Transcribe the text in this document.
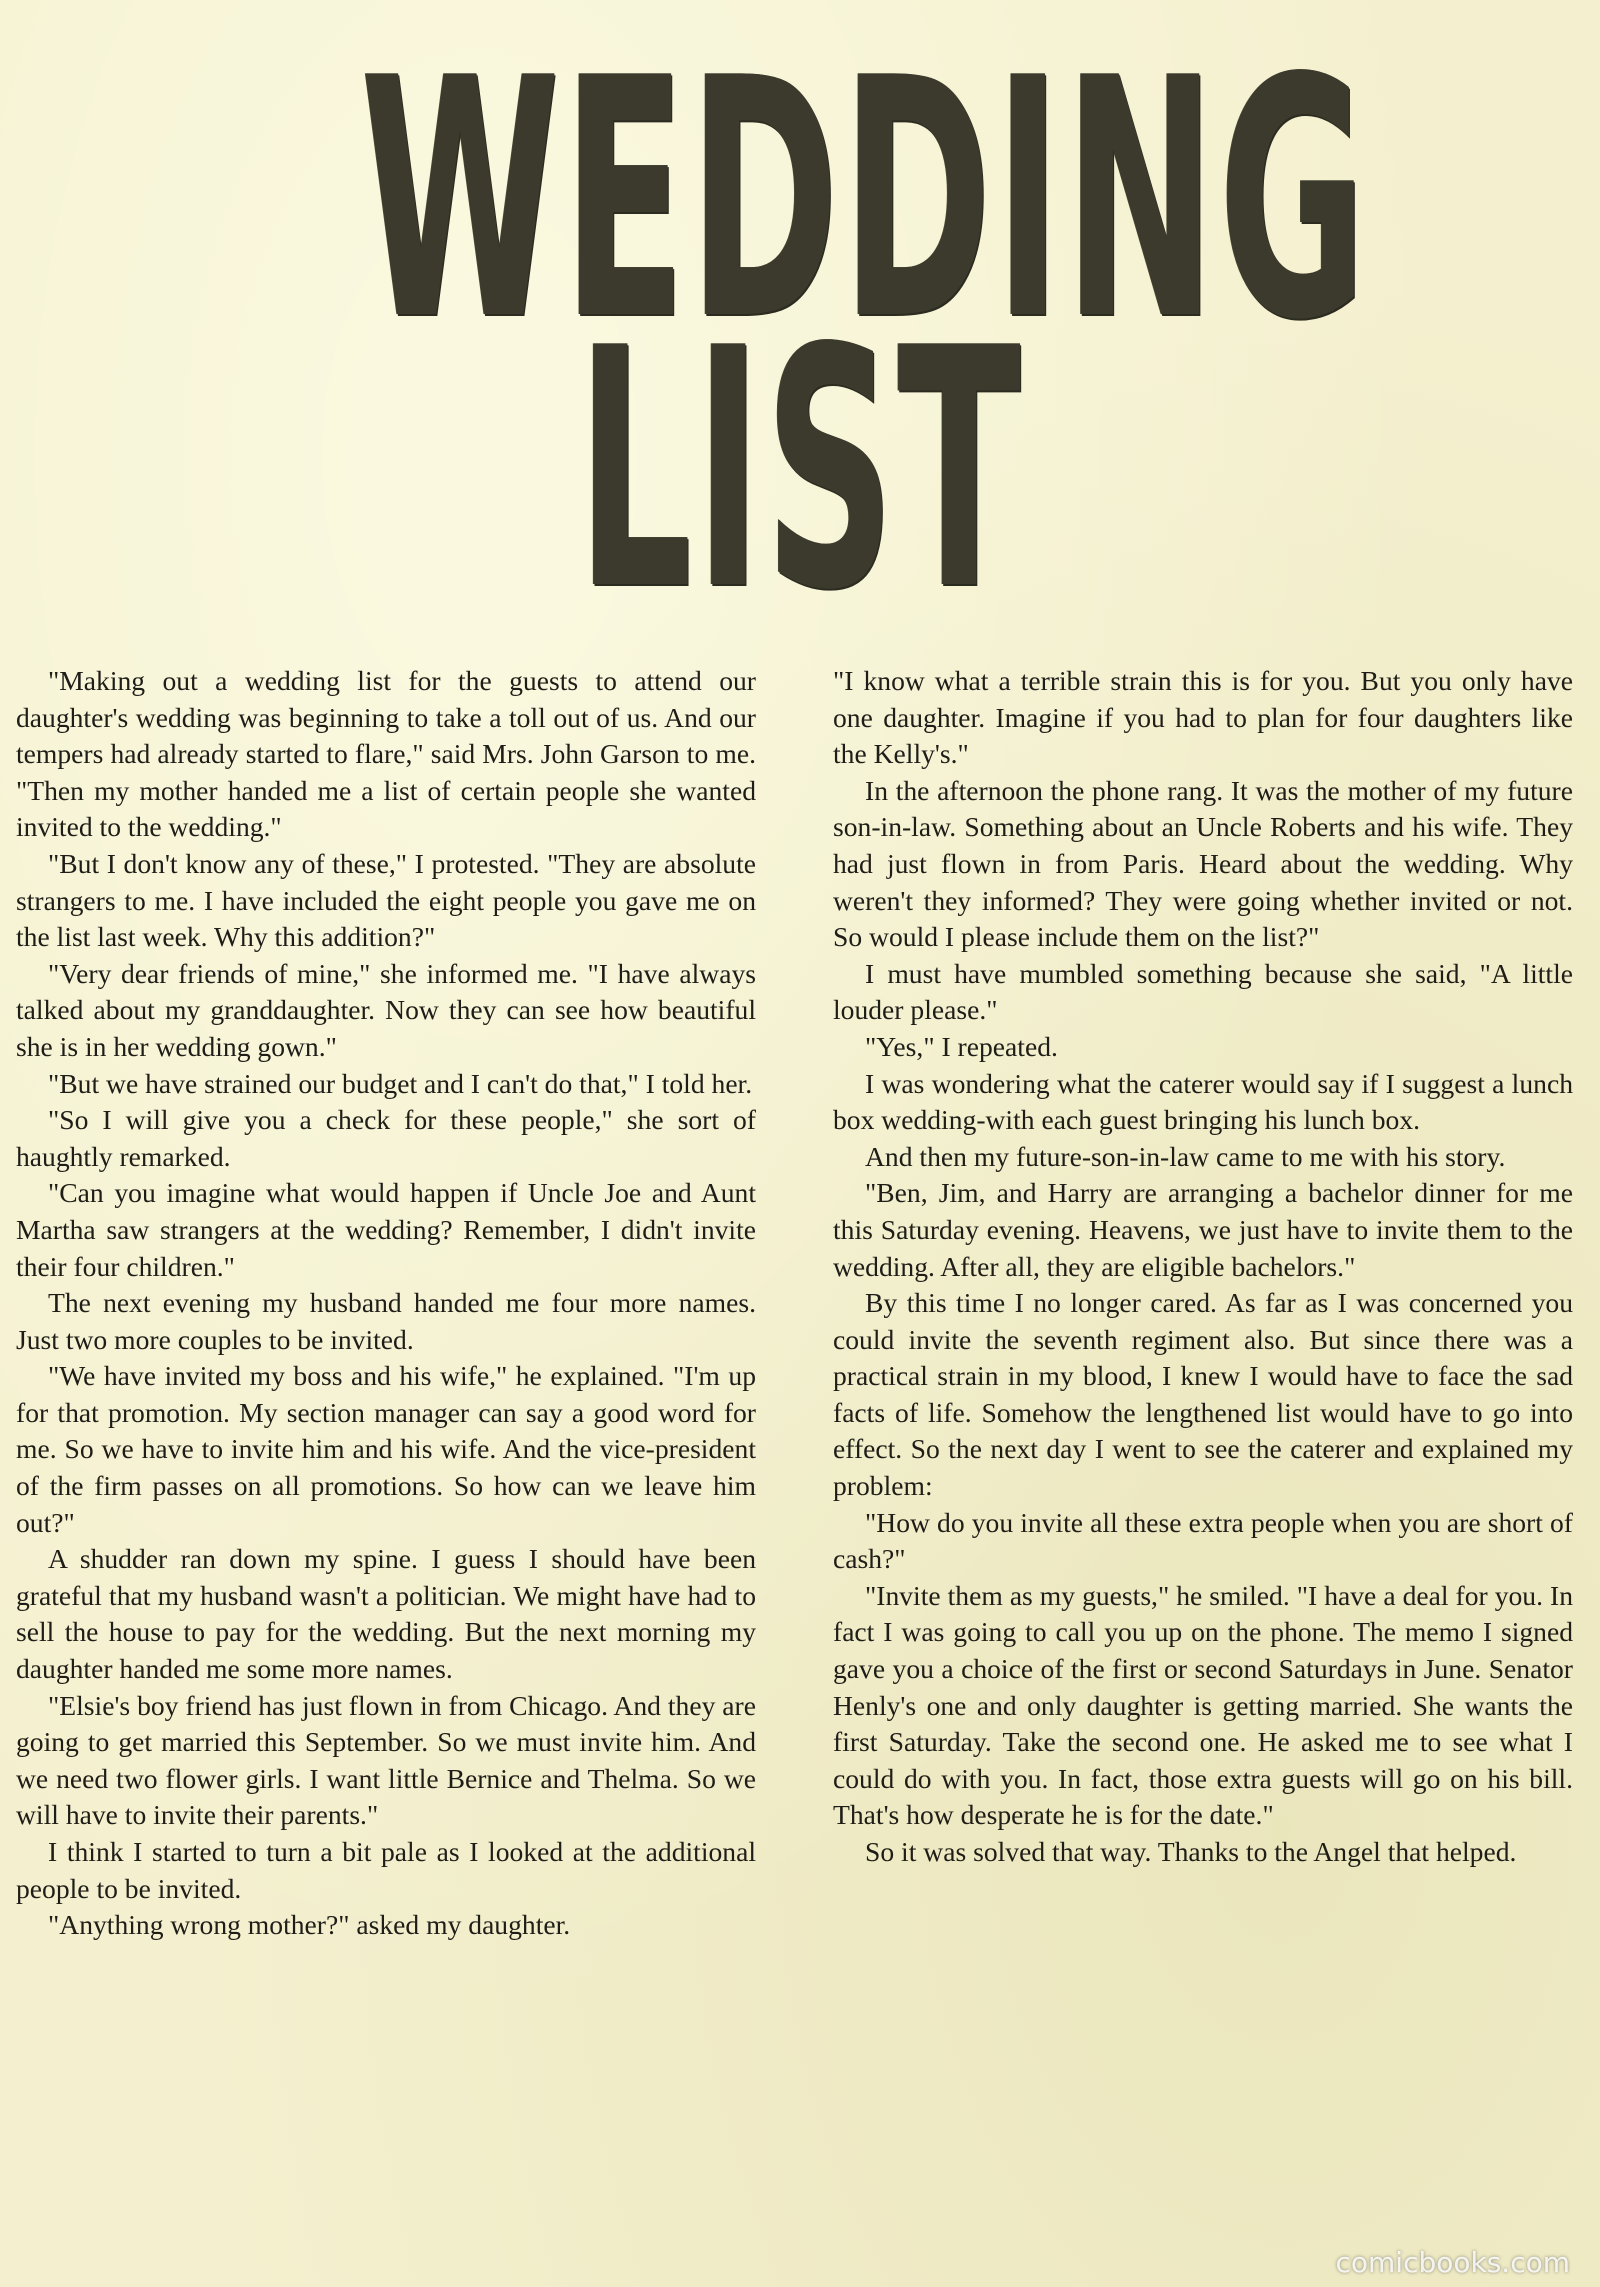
WEDDING
LIST

"Making out a wedding list for the guests to attend our daughter's wedding was beginning to take a toll out of us. And our tempers had already started to flare," said Mrs. John Garson to me. "Then my mother handed me a list of certain people she wanted invited to the wedding."

"But I don't know any of these," I protested. "They are absolute strangers to me. I have included the eight people you gave me on the list last week. Why this addition?"

"Very dear friends of mine," she informed me. "I have always talked about my granddaughter. Now they can see how beautiful she is in her wedding gown."

"But we have strained our budget and I can't do that," I told her.

"So I will give you a check for these people," she sort of haughtly remarked.

"Can you imagine what would happen if Uncle Joe and Aunt Martha saw strangers at the wedding? Remember, I didn't invite their four children."

The next evening my husband handed me four more names. Just two more couples to be invited.

"We have invited my boss and his wife," he explained. "I'm up for that promotion. My section manager can say a good word for me. So we have to invite him and his wife. And the vice-president of the firm passes on all promotions. So how can we leave him out?"

A shudder ran down my spine. I guess I should have been grateful that my husband wasn't a politician. We might have had to sell the house to pay for the wedding. But the next morning my daughter handed me some more names.

"Elsie's boy friend has just flown in from Chicago. And they are going to get married this September. So we must invite him. And we need two flower girls. I want little Bernice and Thelma. So we will have to invite their parents."

I think I started to turn a bit pale as I looked at the additional people to be invited.

"Anything wrong mother?" asked my daughter.

"I know what a terrible strain this is for you. But you only have one daughter. Imagine if you had to plan for four daughters like the Kelly's."

In the afternoon the phone rang. It was the mother of my future son-in-law. Something about an Uncle Roberts and his wife. They had just flown in from Paris. Heard about the wedding. Why weren't they informed? They were going whether invited or not. So would I please include them on the list?"

I must have mumbled something because she said, "A little louder please."

"Yes," I repeated.

I was wondering what the caterer would say if I suggest a lunch box wedding-with each guest bringing his lunch box.

And then my future-son-in-law came to me with his story.

"Ben, Jim, and Harry are arranging a bachelor dinner for me this Saturday evening. Heavens, we just have to invite them to the wedding. After all, they are eligible bachelors."

By this time I no longer cared. As far as I was concerned you could invite the seventh regiment also. But since there was a practical strain in my blood, I knew I would have to face the sad facts of life. Somehow the lengthened list would have to go into effect. So the next day I went to see the caterer and explained my problem:

"How do you invite all these extra people when you are short of cash?"

"Invite them as my guests," he smiled. "I have a deal for you. In fact I was going to call you up on the phone. The memo I signed gave you a choice of the first or second Saturdays in June. Senator Henly's one and only daughter is getting married. She wants the first Saturday. Take the second one. He asked me to see what I could do with you. In fact, those extra guests will go on his bill. That's how desperate he is for the date."

So it was solved that way. Thanks to the Angel that helped.

comicbooks.com
